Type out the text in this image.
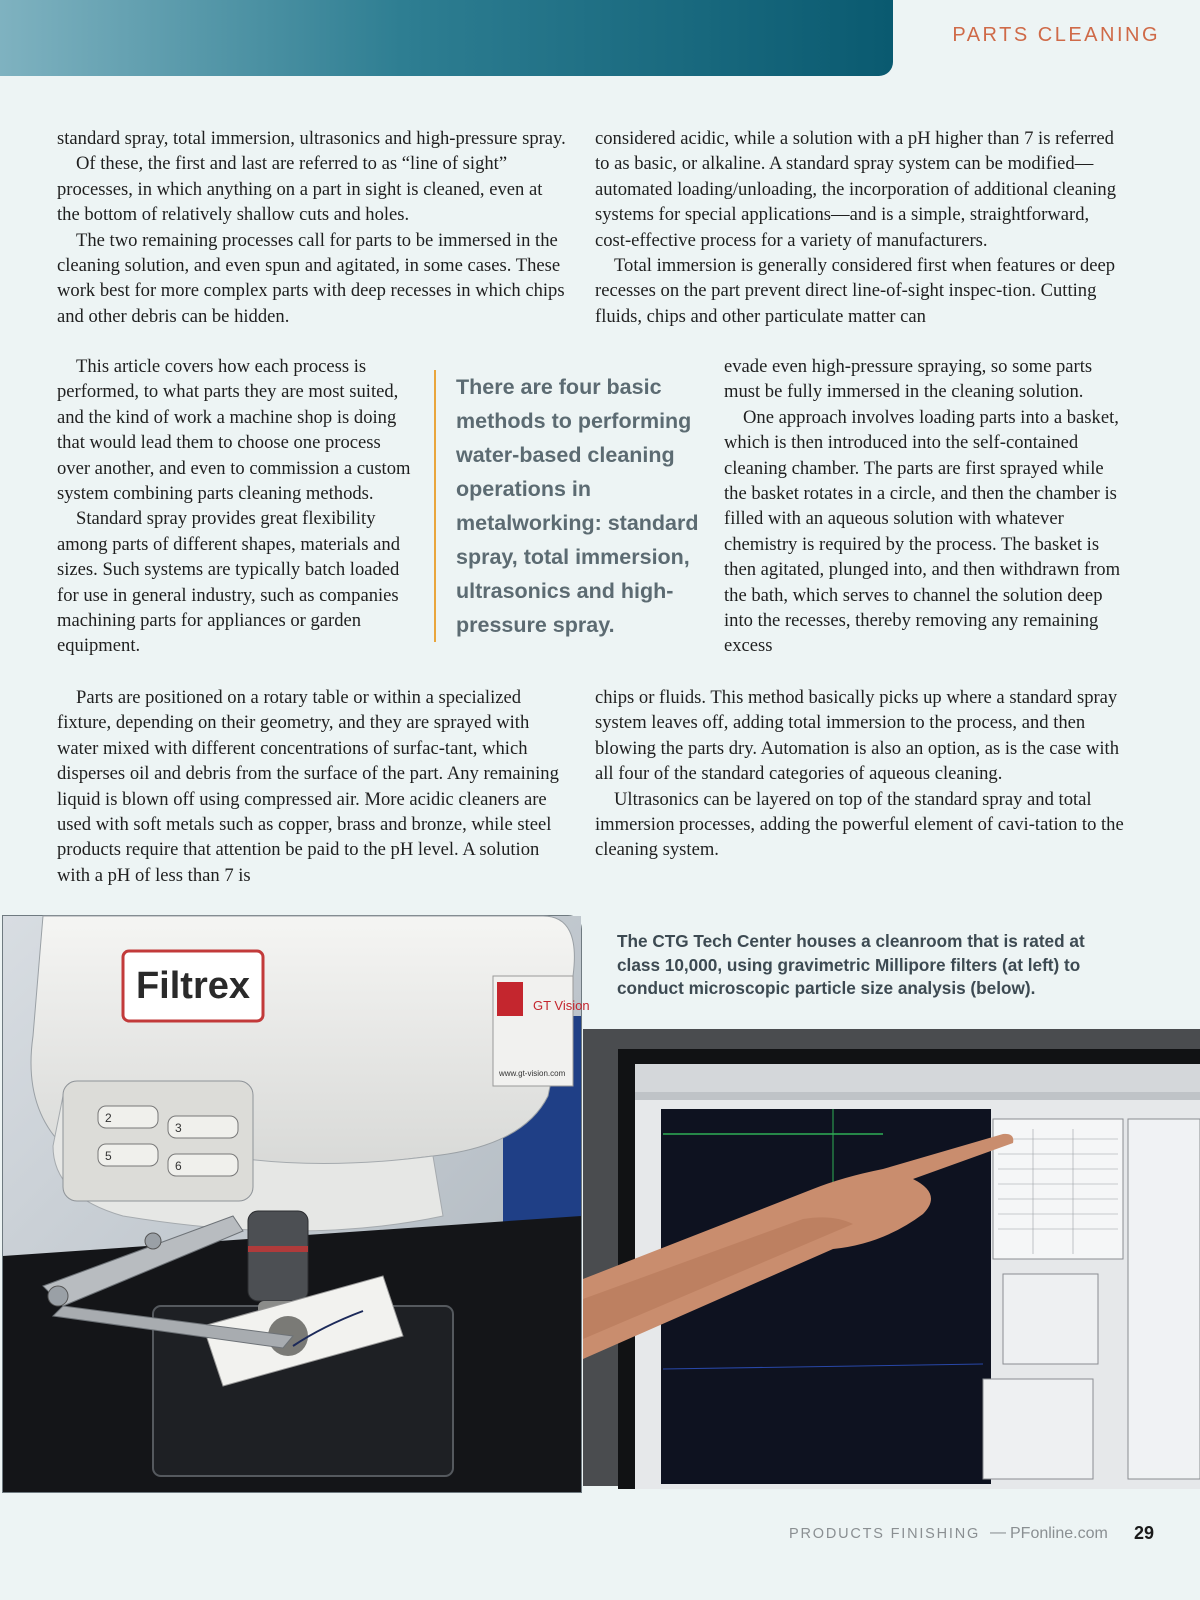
PARTS CLEANING

standard spray, total immersion, ultrasonics and high-pressure spray.

Of these, the first and last are referred to as “line of sight” processes, in which anything on a part in sight is cleaned, even at the bottom of relatively shallow cuts and holes.

The two remaining processes call for parts to be immersed in the cleaning solution, and even spun and agitated, in some cases. These work best for more complex parts with deep recesses in which chips and other debris can be hidden.

This article covers how each process is performed, to what parts they are most suited, and the kind of work a machine shop is doing that would lead them to choose one process over another, and even to commission a custom system combining parts cleaning methods.

Standard spray provides great flexibility among parts of different shapes, materials and sizes. Such systems are typically batch loaded for use in general industry, such as companies machining parts for appliances or garden equipment.

Parts are positioned on a rotary table or within a specialized fixture, depending on their geometry, and they are sprayed with water mixed with different concentrations of surfac-tant, which disperses oil and debris from the surface of the part. Any remaining liquid is blown off using compressed air. More acidic cleaners are used with soft metals such as copper, brass and bronze, while steel products require that attention be paid to the pH level. A solution with a pH of less than 7 is

considered acidic, while a solution with a pH higher than 7 is referred to as basic, or alkaline. A standard spray system can be modified—automated loading/unloading, the incorporation of additional cleaning systems for special applications—and is a simple, straightforward, cost-effective process for a variety of manufacturers.

Total immersion is generally considered first when features or deep recesses on the part prevent direct line-of-sight inspec-tion. Cutting fluids, chips and other particulate matter can

evade even high-pressure spraying, so some parts must be fully immersed in the cleaning solution.

One approach involves loading parts into a basket, which is then introduced into the self-contained cleaning chamber. The parts are first sprayed while the basket rotates in a circle, and then the chamber is filled with an aqueous solution with whatever chemistry is required by the process. The basket is then agitated, plunged into, and then withdrawn from the bath, which serves to channel the solution deep into the recesses, thereby removing any remaining excess

chips or fluids. This method basically picks up where a standard spray system leaves off, adding total immersion to the process, and then blowing the parts dry. Automation is also an option, as is the case with all four of the standard categories of aqueous cleaning.

Ultrasonics can be layered on top of the standard spray and total immersion processes, adding the powerful element of cavi-tation to the cleaning system.

There are four basic methods to performing water-based cleaning operations in metalworking: standard spray, total immersion, ultrasonics and high-pressure spray.
The CTG Tech Center houses a cleanroom that is rated at class 10,000, using gravimetric Millipore filters (at left) to conduct microscopic particle size analysis (below).
Filtrex	GT Vision
www.gt-vision.com
2
3
5
6
PRODUCTS FINISHING — PFonline.com 29
